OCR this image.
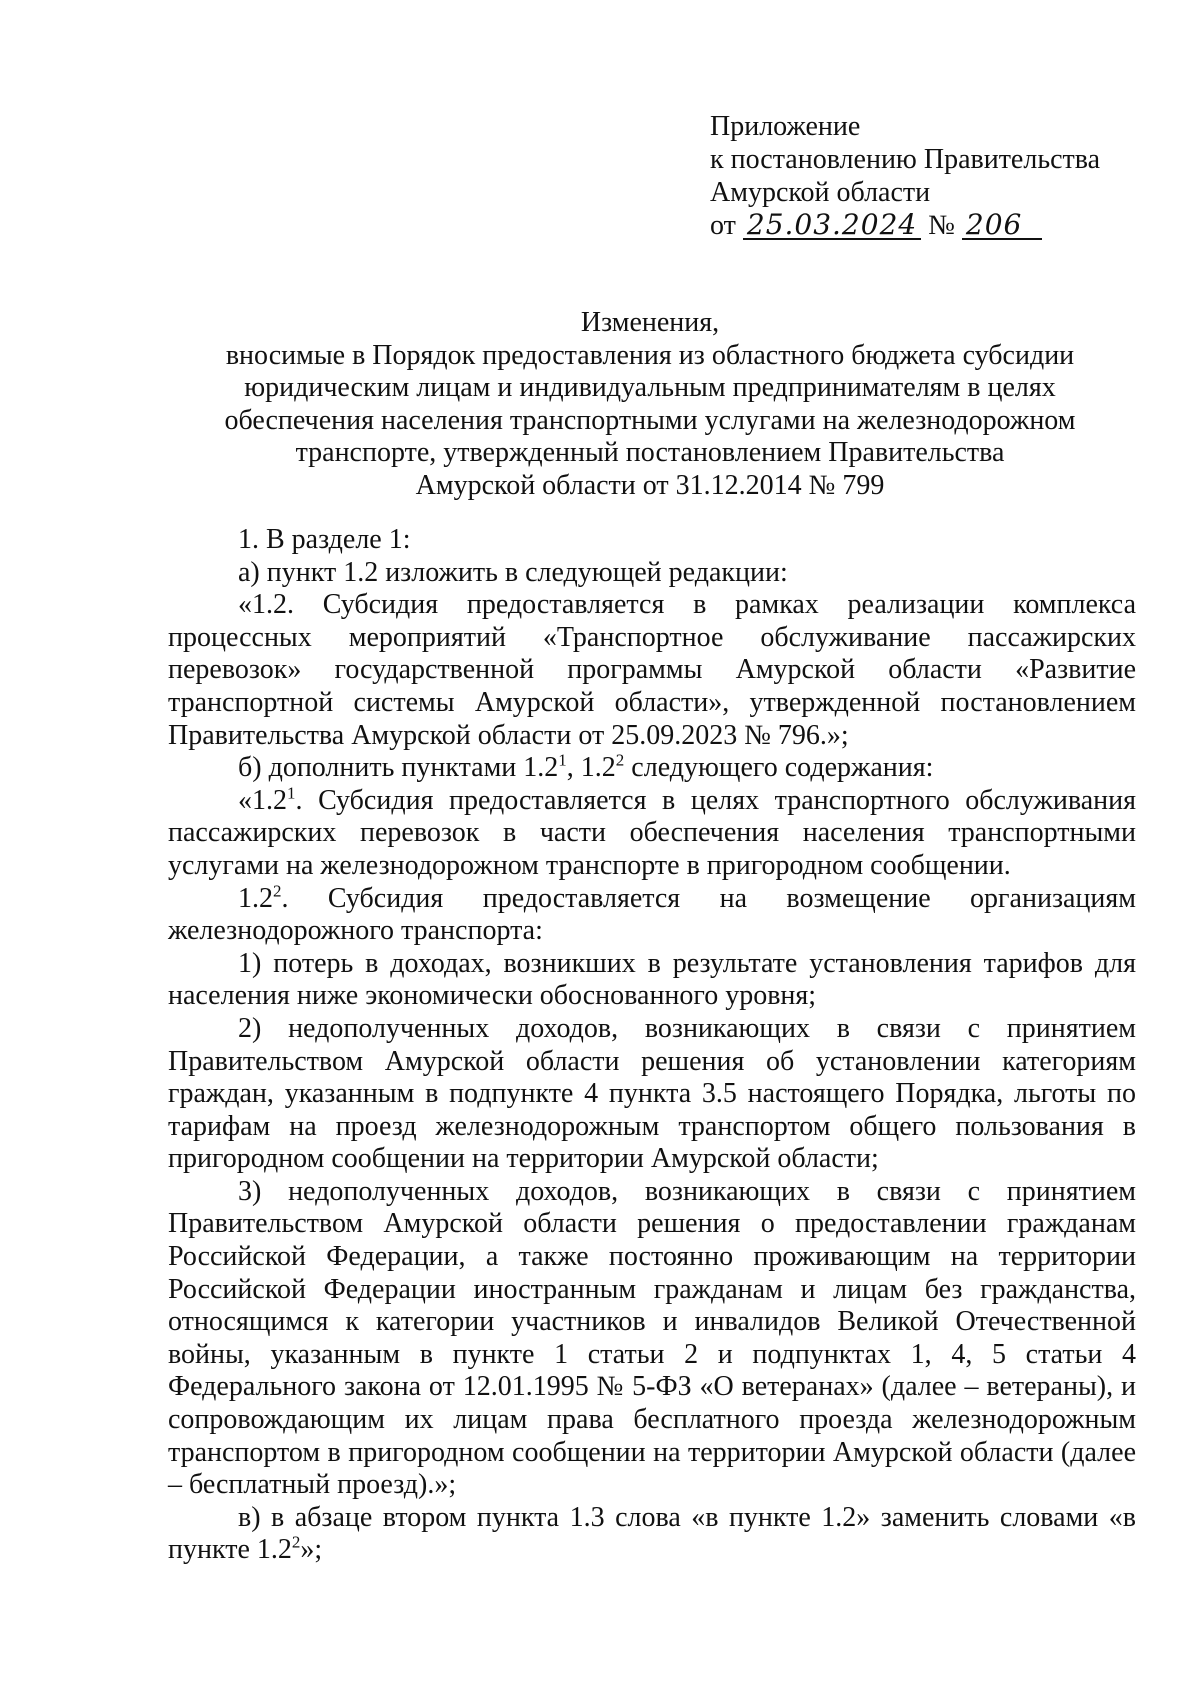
Приложение
к постановлению Правительства
Амурской области
от 25.03.2024 № 206
Изменения,
вносимые в Порядок предоставления из областного бюджета субсидии
юридическим лицам и индивидуальным предпринимателям в целях
обеспечения населения транспортными услугами на железнодорожном
транспорте, утвержденный постановлением Правительства
Амурской области от 31.12.2014 № 799

1. В разделе 1:

а) пункт 1.2 изложить в следующей редакции:

«1.2. Субсидия предоставляется в рамках реализации комплекса процессных мероприятий «Транспортное обслуживание пассажирских перевозок» государственной программы Амурской области «Развитие транспортной системы Амурской области», утвержденной постановлением Правительства Амурской области от 25.09.2023 № 796.»;

б) дополнить пунктами $1.2^1$, $1.2^2$ следующего содержания:

«$1.2^1$. Субсидия предоставляется в целях транспортного обслуживания пассажирских перевозок в части обеспечения населения транспортными услугами на железнодорожном транспорте в пригородном сообщении.

$1.2^2$. Субсидия предоставляется на возмещение организациям железнодорожного транспорта:

1) потерь в доходах, возникших в результате установления тарифов для населения ниже экономически обоснованного уровня;

2) недополученных доходов, возникающих в связи с принятием Правительством Амурской области решения об установлении категориям граждан, указанным в подпункте 4 пункта 3.5 настоящего Порядка, льготы по тарифам на проезд железнодорожным транспортом общего пользования в пригородном сообщении на территории Амурской области;

3) недополученных доходов, возникающих в связи с принятием Правительством Амурской области решения о предоставлении гражданам Российской Федерации, а также постоянно проживающим на территории Российской Федерации иностранным гражданам и лицам без гражданства, относящимся к категории участников и инвалидов Великой Отечественной войны, указанным в пункте 1 статьи 2 и подпунктах 1, 4, 5 статьи 4 Федерального закона от 12.01.1995 № 5-ФЗ «О ветеранах» (далее – ветераны), и сопровождающим их лицам права бесплатного проезда железнодорожным транспортом в пригородном сообщении на территории Амурской области (далее – бесплатный проезд).»;

в) в абзаце втором пункта 1.3 слова «в пункте 1.2» заменить словами «в пункте $1.2^2$»;
